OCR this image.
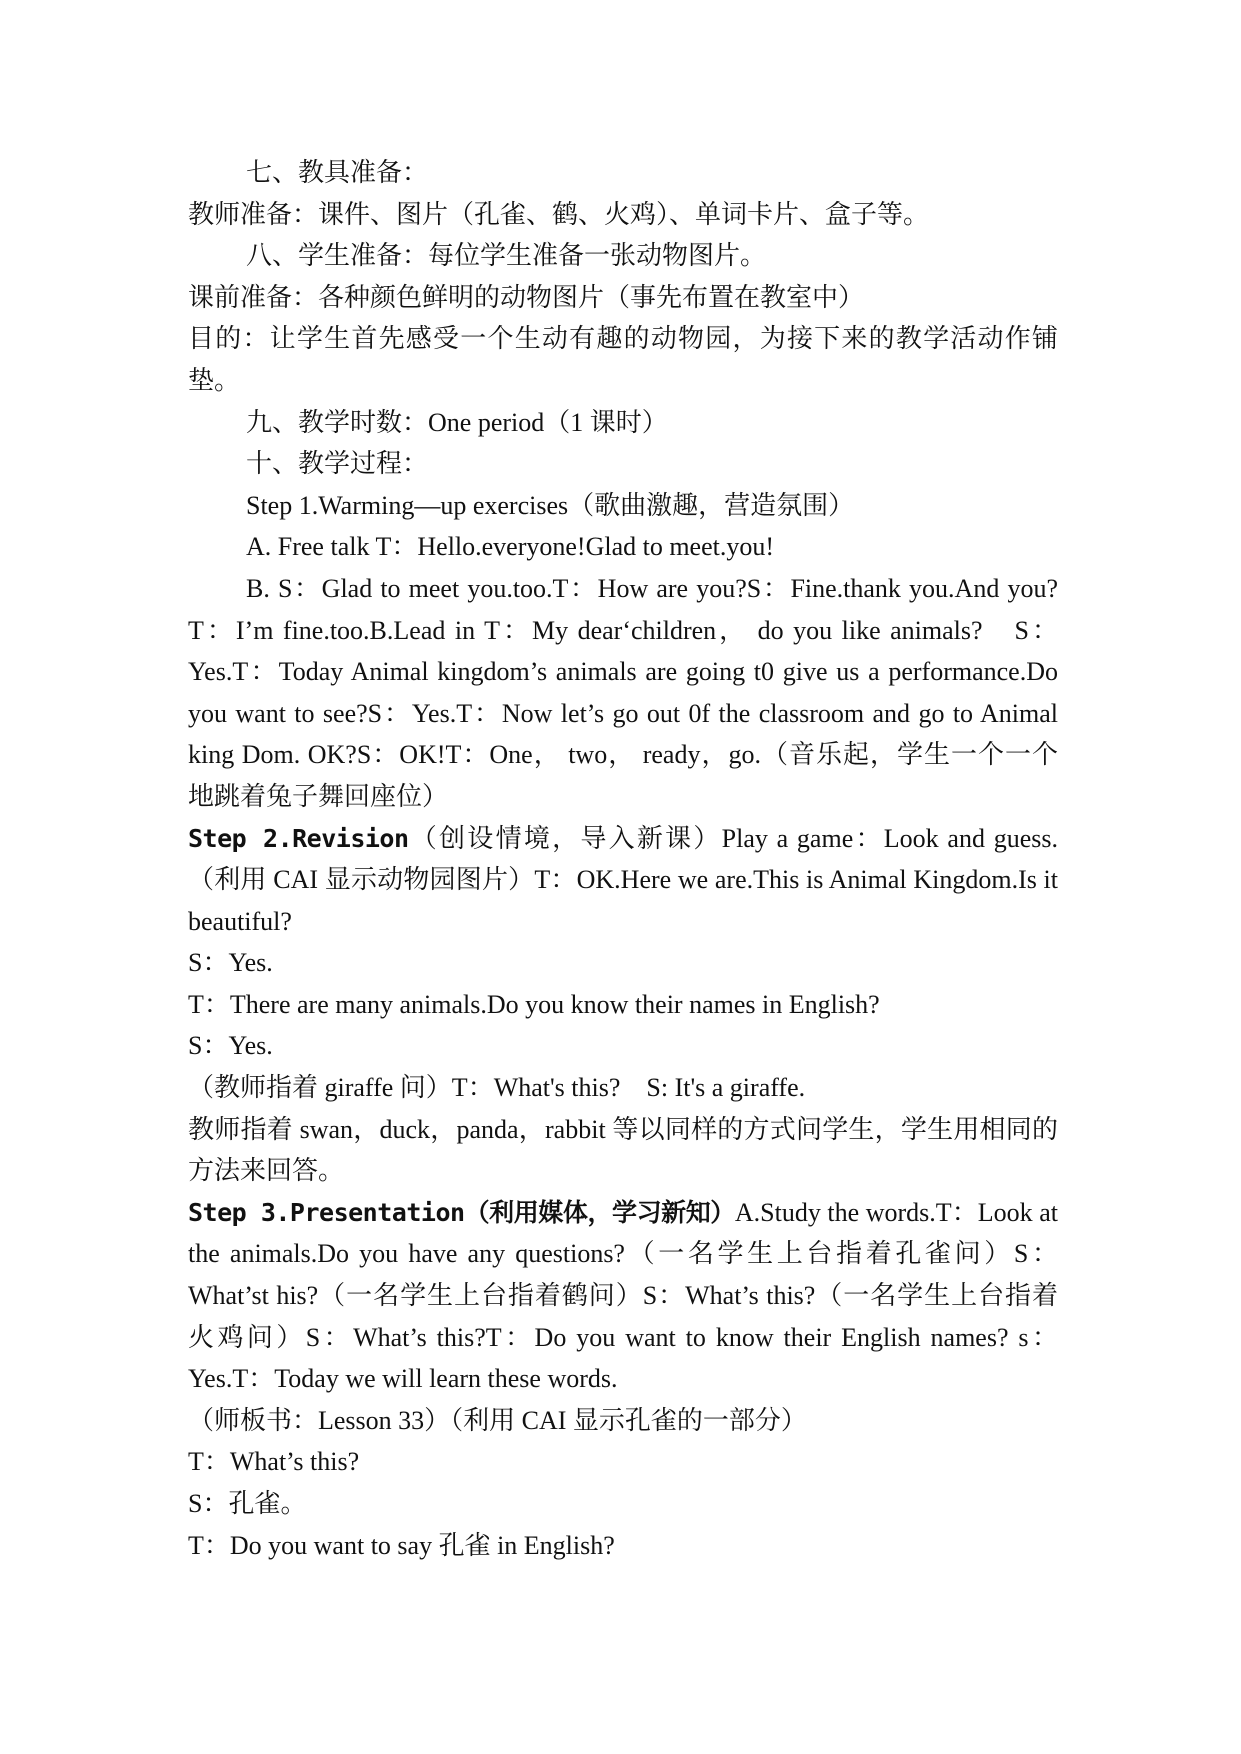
七、教具准备：

教师准备：课件、图片（孔雀、鹤、火鸡）、单词卡片、盒子等。

八、学生准备：每位学生准备一张动物图片。

课前准备：各种颜色鲜明的动物图片（事先布置在教室中）

目的：让学生首先感受一个生动有趣的动物园，为接下来的教学活动作铺垫。

九、教学时数：One period（1 课时）

十、教学过程：

Step 1.Warming—up exercises（歌曲激趣，营造氛围）

A. Free talk T：Hello.everyone!Glad to meet.you!

B. S：Glad to meet you.too.T：How are you?S：Fine.thank you.And you?T：I’m fine.too.B.Lead in T：My dear‘children， do you like animals?　S：Yes.T：Today Animal kingdom’s animals are going t0 give us a performance.Do you want to see?S：Yes.T：Now let’s go out 0f the classroom and go to Animal king Dom. OK?S：OK!T：One， two， ready，go.（音乐起，学生一个一个地跳着兔子舞回座位）

Step 2.Revision（创设情境，导入新课）Play a game：Look and guess.（利用 CAI 显示动物园图片）T：OK.Here we are.This is Animal Kingdom.Is it beautiful?

S：Yes.

T：There are many animals.Do you know their names in English?

S：Yes.

（教师指着 giraffe 问）T：What's this?　S: It's a giraffe.

教师指着 swan，duck，panda，rabbit 等以同样的方式问学生，学生用相同的方法来回答。

Step 3.Presentation（利用媒体，学习新知）A.Study the words.T：Look at the animals.Do you have any questions?（一名学生上台指着孔雀问）S：What’st his?（一名学生上台指着鹤问）S：What’s this?（一名学生上台指着火鸡问）S：What’s this?T：Do you want to know their English names? s：Yes.T：Today we will learn these words.

（师板书：Lesson 33）（利用 CAI 显示孔雀的一部分）

T：What’s this?

S：孔雀。

T：Do you want to say 孔雀 in English?
